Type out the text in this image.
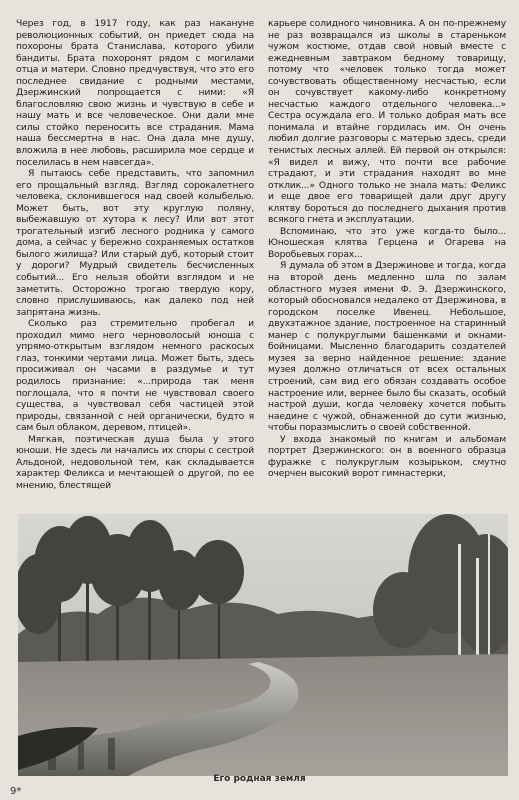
Через год, в 1917 году, как раз накануне революционных событий, он приедет сюда на похороны брата Станислава, которого убили бандиты. Брата похоронят рядом с могилами отца и матери. Словно предчувствуя, что это его последнее свидание с родными местами, Дзержинский попрощается с ними: «Я благословляю свою жизнь и чувствую в себе и нашу мать и все человеческое. Они дали мне силы стойко переносить все страдания. Мама наша бессмертна в нас. Она дала мне душу, вложила в нее любовь, расширила мое сердце и поселилась в нем навсегда».

Я пытаюсь себе представить, что запомнил его прощальный взгляд. Взгляд сорокалетнего человека, склонившегося над своей колыбелью. Может быть, вот эту круглую поляну, выбежавшую от хутора к лесу? Или вот этот трогательный изгиб лесного родника у самого дома, а сейчас у бережно сохраняемых остатков былого жилища? Или старый дуб, который стоит у дороги? Мудрый свидетель бесчисленных событий... Его нельзя обойти взглядом и не заметить. Осторожно трогаю твердую кору, словно прислушиваюсь, как далеко под ней запрятана жизнь.

Сколько раз стремительно пробегал и проходил мимо него черноволосый юноша с упрямо-открытым взглядом немного раскосых глаз, тонкими чертами лица. Может быть, здесь просиживал он часами в раздумье и тут родилось признание: «...природа так меня поглощала, что я почти не чувствовал своего существа, а чувствовал себя частицей этой природы, связанной с ней органически, будто я сам был облаком, деревом, птицей».

Мягкая, поэтическая душа была у этого юноши. Не здесь ли начались их споры с сестрой Альдоной, недовольной тем, как складывается характер Феликса и мечтающей о другой, по ее мнению, блестящей

карьере солидного чиновника. А он по-прежнему не раз возвращался из школы в стареньком чужом костюме, отдав свой новый вместе с ежедневным завтраком бедному товарищу, потому что «человек только тогда может сочувствовать общественному несчастью, если он сочувствует какому-либо конкретному несчастью каждого отдельного человека...» Сестра осуждала его. И только добрая мать все понимала и втайне гордилась им. Он очень любил долгие разговоры с матерью здесь, среди тенистых лесных аллей. Ей первой он открылся: «Я видел и вижу, что почти все рабочие страдают, и эти страдания находят во мне отклик...» Одного только не знала мать: Феликс и еще двое его товарищей дали друг другу клятву бороться до последнего дыхания против всякого гнета и эксплуатации.

Вспоминаю, что это уже когда-то было... Юношеская клятва Герцена и Огарева на Воробьевых горах...

Я думала об этом в Дзержинове и тогда, когда на второй день медленно шла по залам областного музея имени Ф. Э. Дзержинского, который обосновался недалеко от Дзержинова, в городском поселке Ивенец. Небольшое, двухэтажное здание, построенное на старинный манер с полукруглыми башенками и окнами-бойницами. Мысленно благодарить создателей музея за верно найденное решение: здание музея должно отличаться от всех остальных строений, сам вид его обязан создавать особое настроение или, вернее было бы сказать, особый настрой души, когда человеку хочется побыть наедине с чужой, обнаженной до сути жизнью, чтобы поразмыслить о своей собственной.

У входа знакомый по книгам и альбомам портрет Дзержинского: он в военного образца фуражке с полукруглым козырьком, смутно очерчен высокий ворот гимнастерки,

Его родная земля
9*
